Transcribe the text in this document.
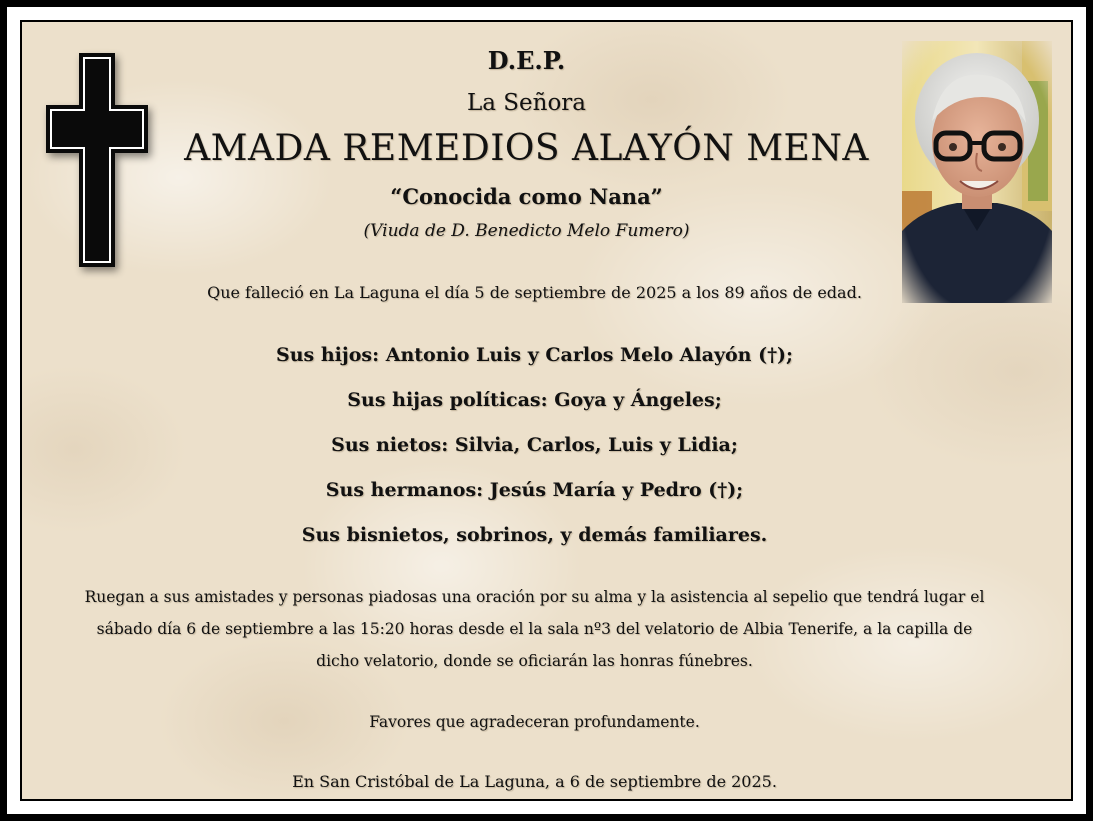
D.E.P.
La Señora
AMADA REMEDIOS ALAYÓN MENA
“Conocida como Nana”
(Viuda de D. Benedicto Melo Fumero)
Que falleció en La Laguna el día 5 de septiembre de 2025 a los 89 años de edad.
Sus hijos: Antonio Luis y Carlos Melo Alayón (†);
Sus hijas políticas: Goya y Ángeles;
Sus nietos: Silvia, Carlos, Luis y Lidia;
Sus hermanos: Jesús María y Pedro (†);
Sus bisnietos, sobrinos, y demás familiares.
Ruegan a sus amistades y personas piadosas una oración por su alma y la asistencia al sepelio que tendrá lugar el
sábado día 6 de septiembre a las 15:20 horas desde el la sala nº3 del velatorio de Albia Tenerife, a la capilla de
dicho velatorio, donde se oficiarán las honras fúnebres.
Favores que agradeceran profundamente.
En San Cristóbal de La Laguna, a 6 de septiembre de 2025.
